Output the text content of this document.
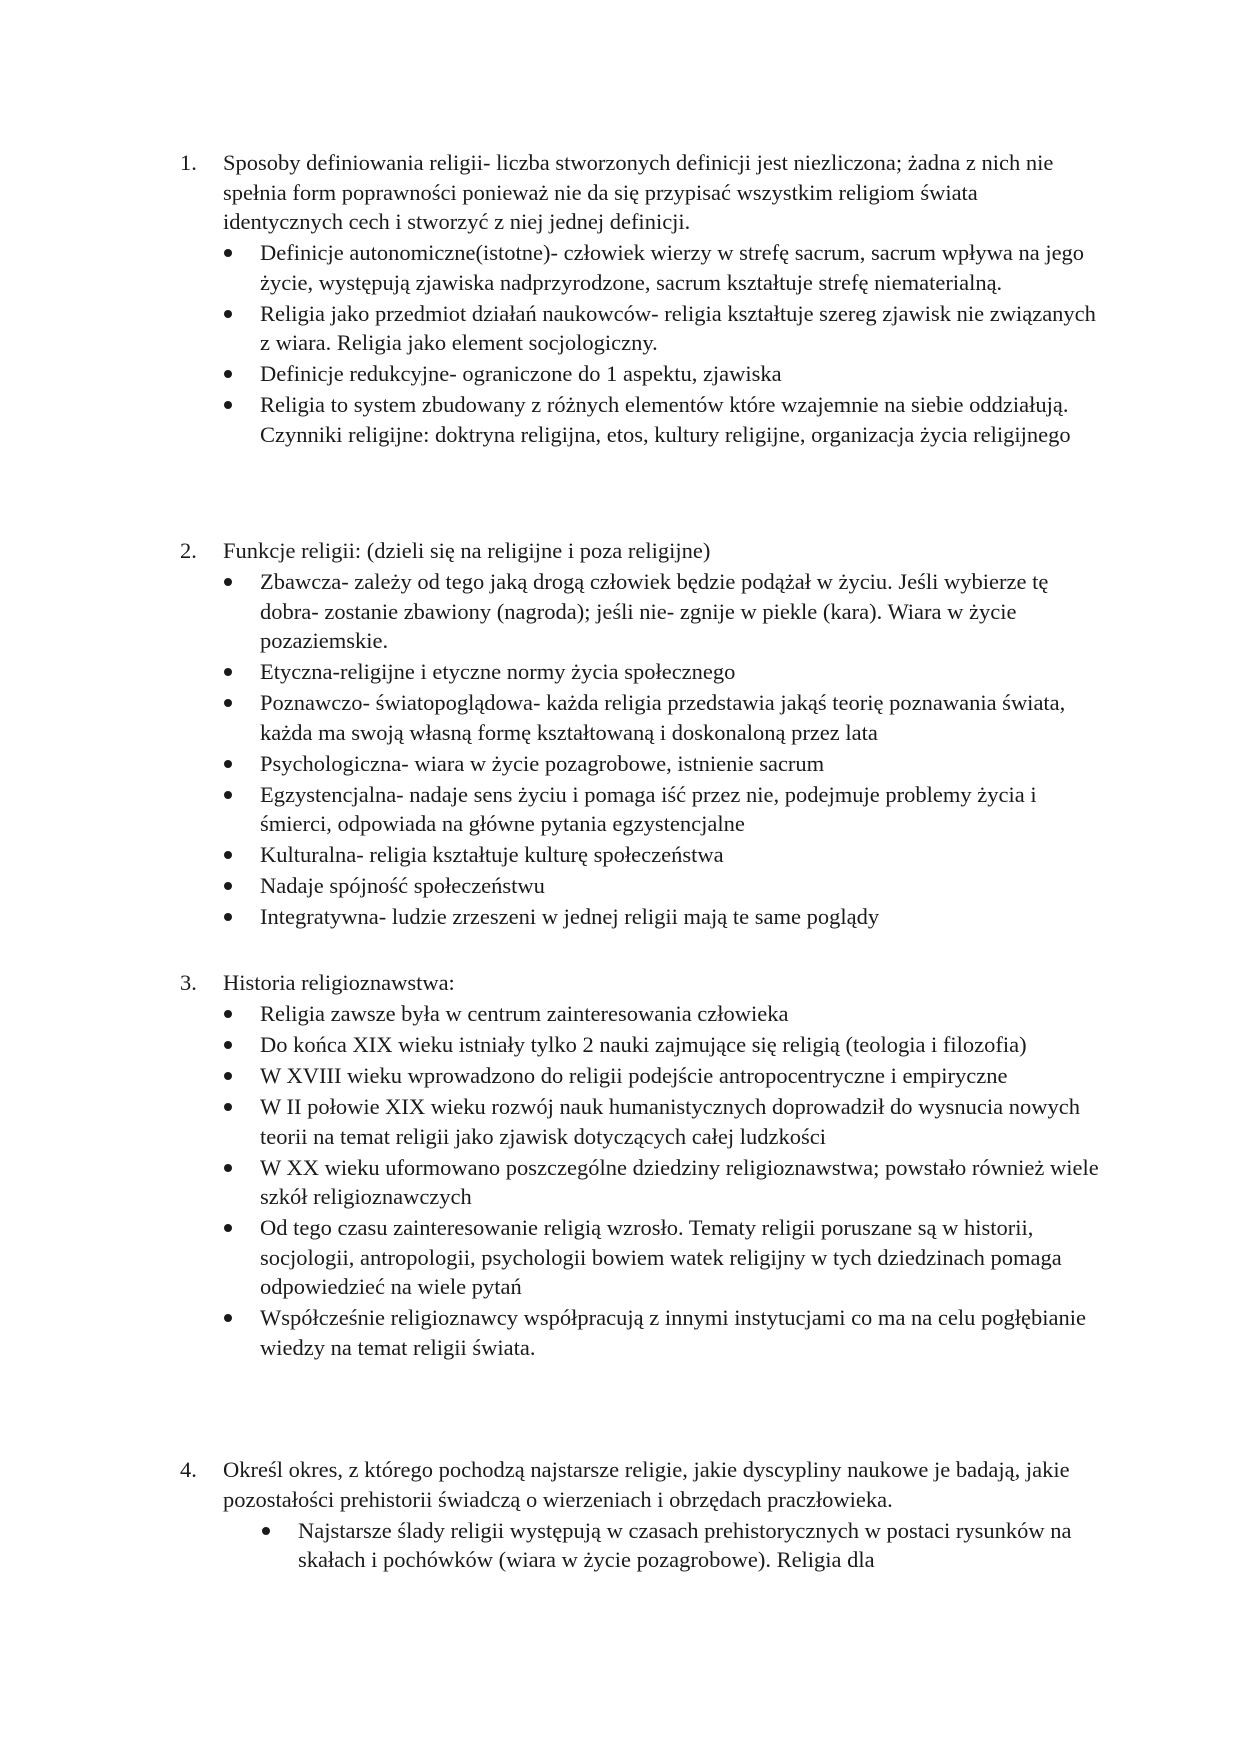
1.	Sposoby definiowania religii- liczba stworzonych definicji jest niezliczona; żadna z nich nie spełnia form poprawności ponieważ nie da się przypisać wszystkim religiom świata identycznych cech i stworzyć z niej jednej definicji.
Definicje autonomiczne(istotne)- człowiek wierzy w strefę sacrum, sacrum wpływa na jego życie, występują zjawiska nadprzyrodzone, sacrum kształtuje strefę niematerialną.
Religia jako przedmiot działań naukowców- religia kształtuje szereg zjawisk nie związanych z wiara. Religia jako element socjologiczny.
Definicje redukcyjne- ograniczone do 1 aspektu, zjawiska
Religia to system zbudowany z różnych elementów które wzajemnie na siebie oddziałują. Czynniki religijne: doktryna religijna, etos, kultury religijne, organizacja życia religijnego
2.	Funkcje religii: (dzieli się na religijne i poza religijne)
Zbawcza- zależy od tego jaką drogą człowiek będzie podążał w życiu. Jeśli wybierze tę dobra- zostanie zbawiony (nagroda); jeśli nie- zgnije w piekle (kara). Wiara w życie pozaziemskie.
Etyczna-religijne i etyczne normy życia społecznego
Poznawczo- światopoglądowa- każda religia przedstawia jakąś teorię poznawania świata, każda ma swoją własną formę kształtowaną i doskonaloną przez lata
Psychologiczna- wiara w życie pozagrobowe, istnienie sacrum
Egzystencjalna- nadaje sens życiu i pomaga iść przez nie, podejmuje problemy życia i śmierci, odpowiada na główne pytania egzystencjalne
Kulturalna- religia kształtuje kulturę społeczeństwa
Nadaje spójność społeczeństwu
Integratywna- ludzie zrzeszeni w jednej religii mają te same poglądy
3.	Historia religioznawstwa:
Religia zawsze była w centrum zainteresowania człowieka
Do końca XIX wieku istniały tylko 2 nauki zajmujące się religią (teologia i filozofia)
W XVIII wieku wprowadzono do religii podejście antropocentryczne i empiryczne
W II połowie XIX wieku rozwój nauk humanistycznych doprowadził do wysnucia nowych teorii na temat religii jako zjawisk dotyczących całej ludzkości
W XX wieku uformowano poszczególne dziedziny religioznawstwa; powstało również wiele szkół religioznawczych
Od tego czasu zainteresowanie religią wzrosło. Tematy religii poruszane są w historii, socjologii, antropologii, psychologii bowiem watek religijny w tych dziedzinach pomaga odpowiedzieć na wiele pytań
Współcześnie religioznawcy współpracują z innymi instytucjami co ma na celu pogłębianie wiedzy na temat religii świata.
4.	Określ okres, z którego pochodzą najstarsze religie, jakie dyscypliny naukowe je badają, jakie pozostałości prehistorii świadczą o wierzeniach i obrzędach praczłowieka.
Najstarsze ślady religii występują w czasach prehistorycznych w postaci rysunków na skałach i pochówków (wiara w życie pozagrobowe). Religia dla
